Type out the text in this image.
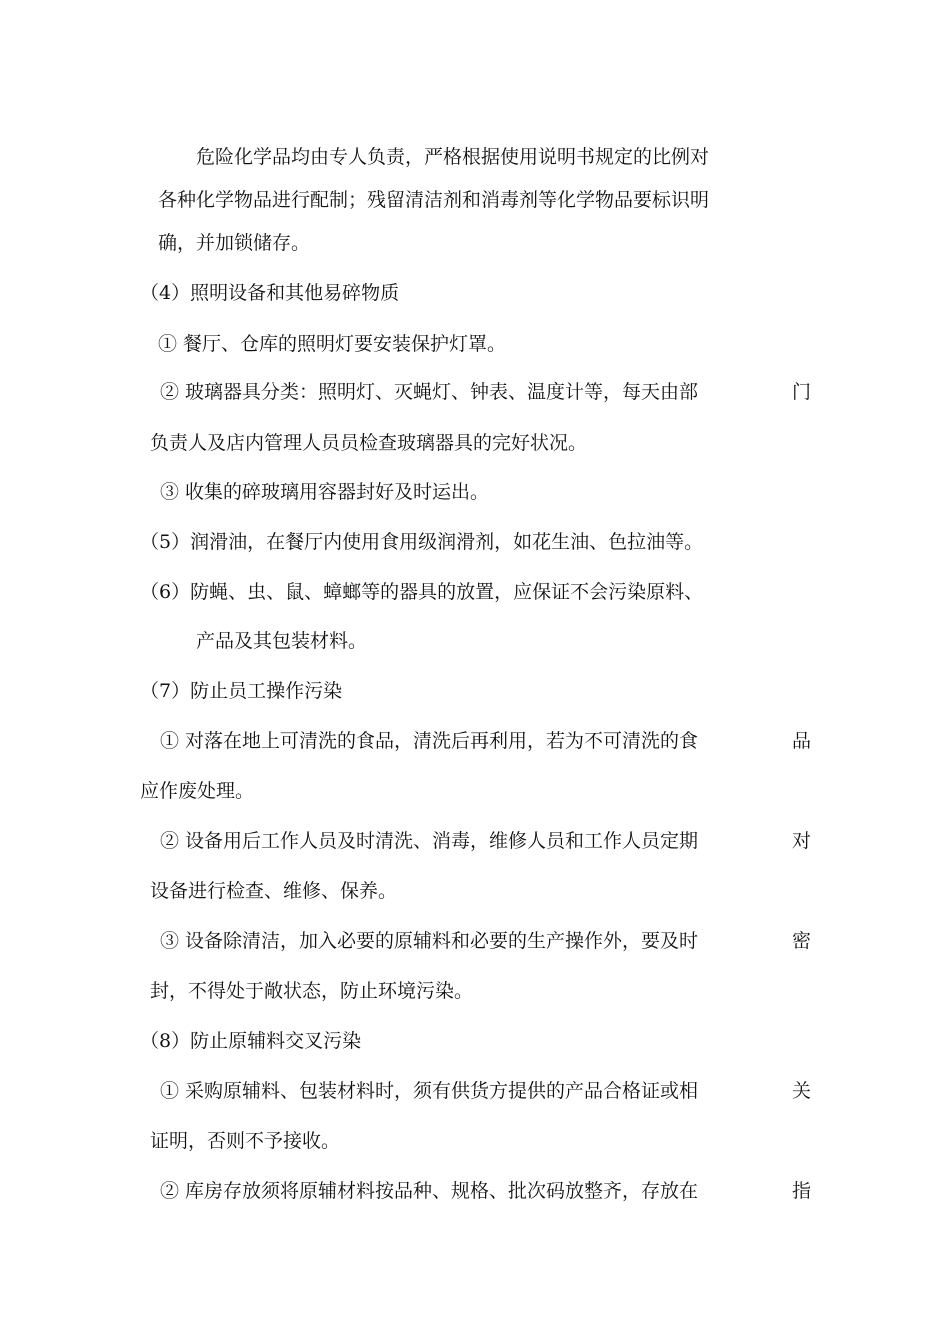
危险化学品均由专人负责，严格根据使用说明书规定的比例对
各种化学物品进行配制；残留清洁剂和消毒剂等化学物品要标识明
确，并加锁储存。
（4）照明设备和其他易碎物质
① 餐厅、仓库的照明灯要安装保护灯罩。
② 玻璃器具分类：照明灯、灭蝇灯、钟表、温度计等，每天由部	门
负责人及店内管理人员员检查玻璃器具的完好状况。
③ 收集的碎玻璃用容器封好及时运出。
（5）润滑油，在餐厅内使用食用级润滑剂，如花生油、色拉油等。
（6）防蝇、虫、鼠、蟑螂等的器具的放置，应保证不会污染原料、
产品及其包装材料。
（7）防止员工操作污染
① 对落在地上可清洗的食品，清洗后再利用，若为不可清洗的食	品
应作废处理。
② 设备用后工作人员及时清洗、消毒，维修人员和工作人员定期	对
设备进行检查、维修、保养。
③ 设备除清洁，加入必要的原辅料和必要的生产操作外，要及时	密
封，不得处于敞状态，防止环境污染。
（8）防止原辅料交叉污染
① 采购原辅料、包装材料时，须有供货方提供的产品合格证或相	关
证明，否则不予接收。
② 库房存放须将原辅材料按品种、规格、批次码放整齐，存放在	指
